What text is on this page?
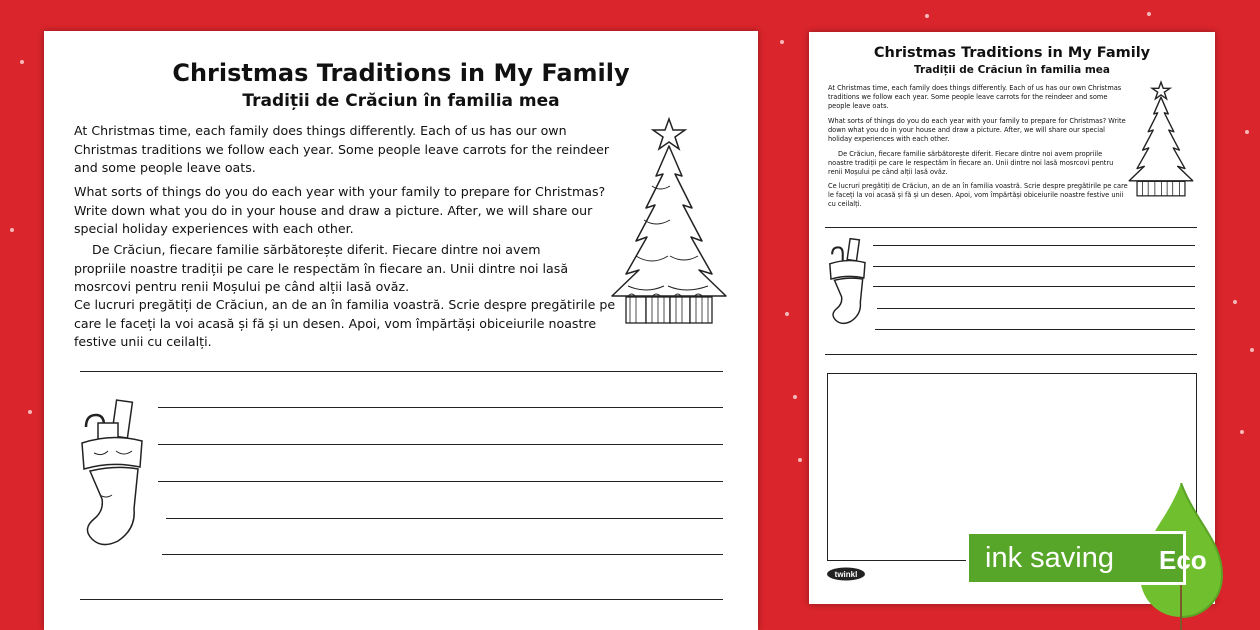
Christmas Traditions in My Family
Tradiții de Crăciun în familia mea

At Christmas time, each family does things differently. Each of us has our own Christmas traditions we follow each year. Some people leave carrots for the reindeer and some people leave oats.

What sorts of things do you do each year with your family to prepare for Christmas? Write down what you do in your house and draw a picture. After, we will share our special holiday experiences with each other.

De Crăciun, fiecare familie sărbătorește diferit. Fiecare dintre noi avem propriile noastre tradiții pe care le respectăm în fiecare an. Unii dintre noi lasă mosrcovi pentru renii Moșului pe când alții lasă ovăz.

Ce lucruri pregătiți de Crăciun, an de an în familia voastră. Scrie despre pregătirile pe care le faceți la voi acasă și fă și un desen. Apoi, vom împărtăși obiceiurile noastre festive unii cu ceilalți.

Christmas Traditions in My Family
Tradiții de Crăciun în familia mea

At Christmas time, each family does things differently. Each of us has our own Christmas traditions we follow each year. Some people leave carrots for the reindeer and some people leave oats.

What sorts of things do you do each year with your family to prepare for Christmas? Write down what you do in your house and draw a picture. After, we will share our special holiday experiences with each other.

De Crăciun, fiecare familie sărbătorește diferit. Fiecare dintre noi avem propriile noastre tradiții pe care le respectăm în fiecare an. Unii dintre noi lasă mosrcovi pentru renii Moșului pe când alții lasă ovăz.

Ce lucruri pregătiți de Crăciun, an de an în familia voastră. Scrie despre pregătirile pe care le faceți la voi acasă și fă și un desen. Apoi, vom împărtăși obiceiurile noastre festive unii cu ceilalți.

twinkl
ink saving	Eco
